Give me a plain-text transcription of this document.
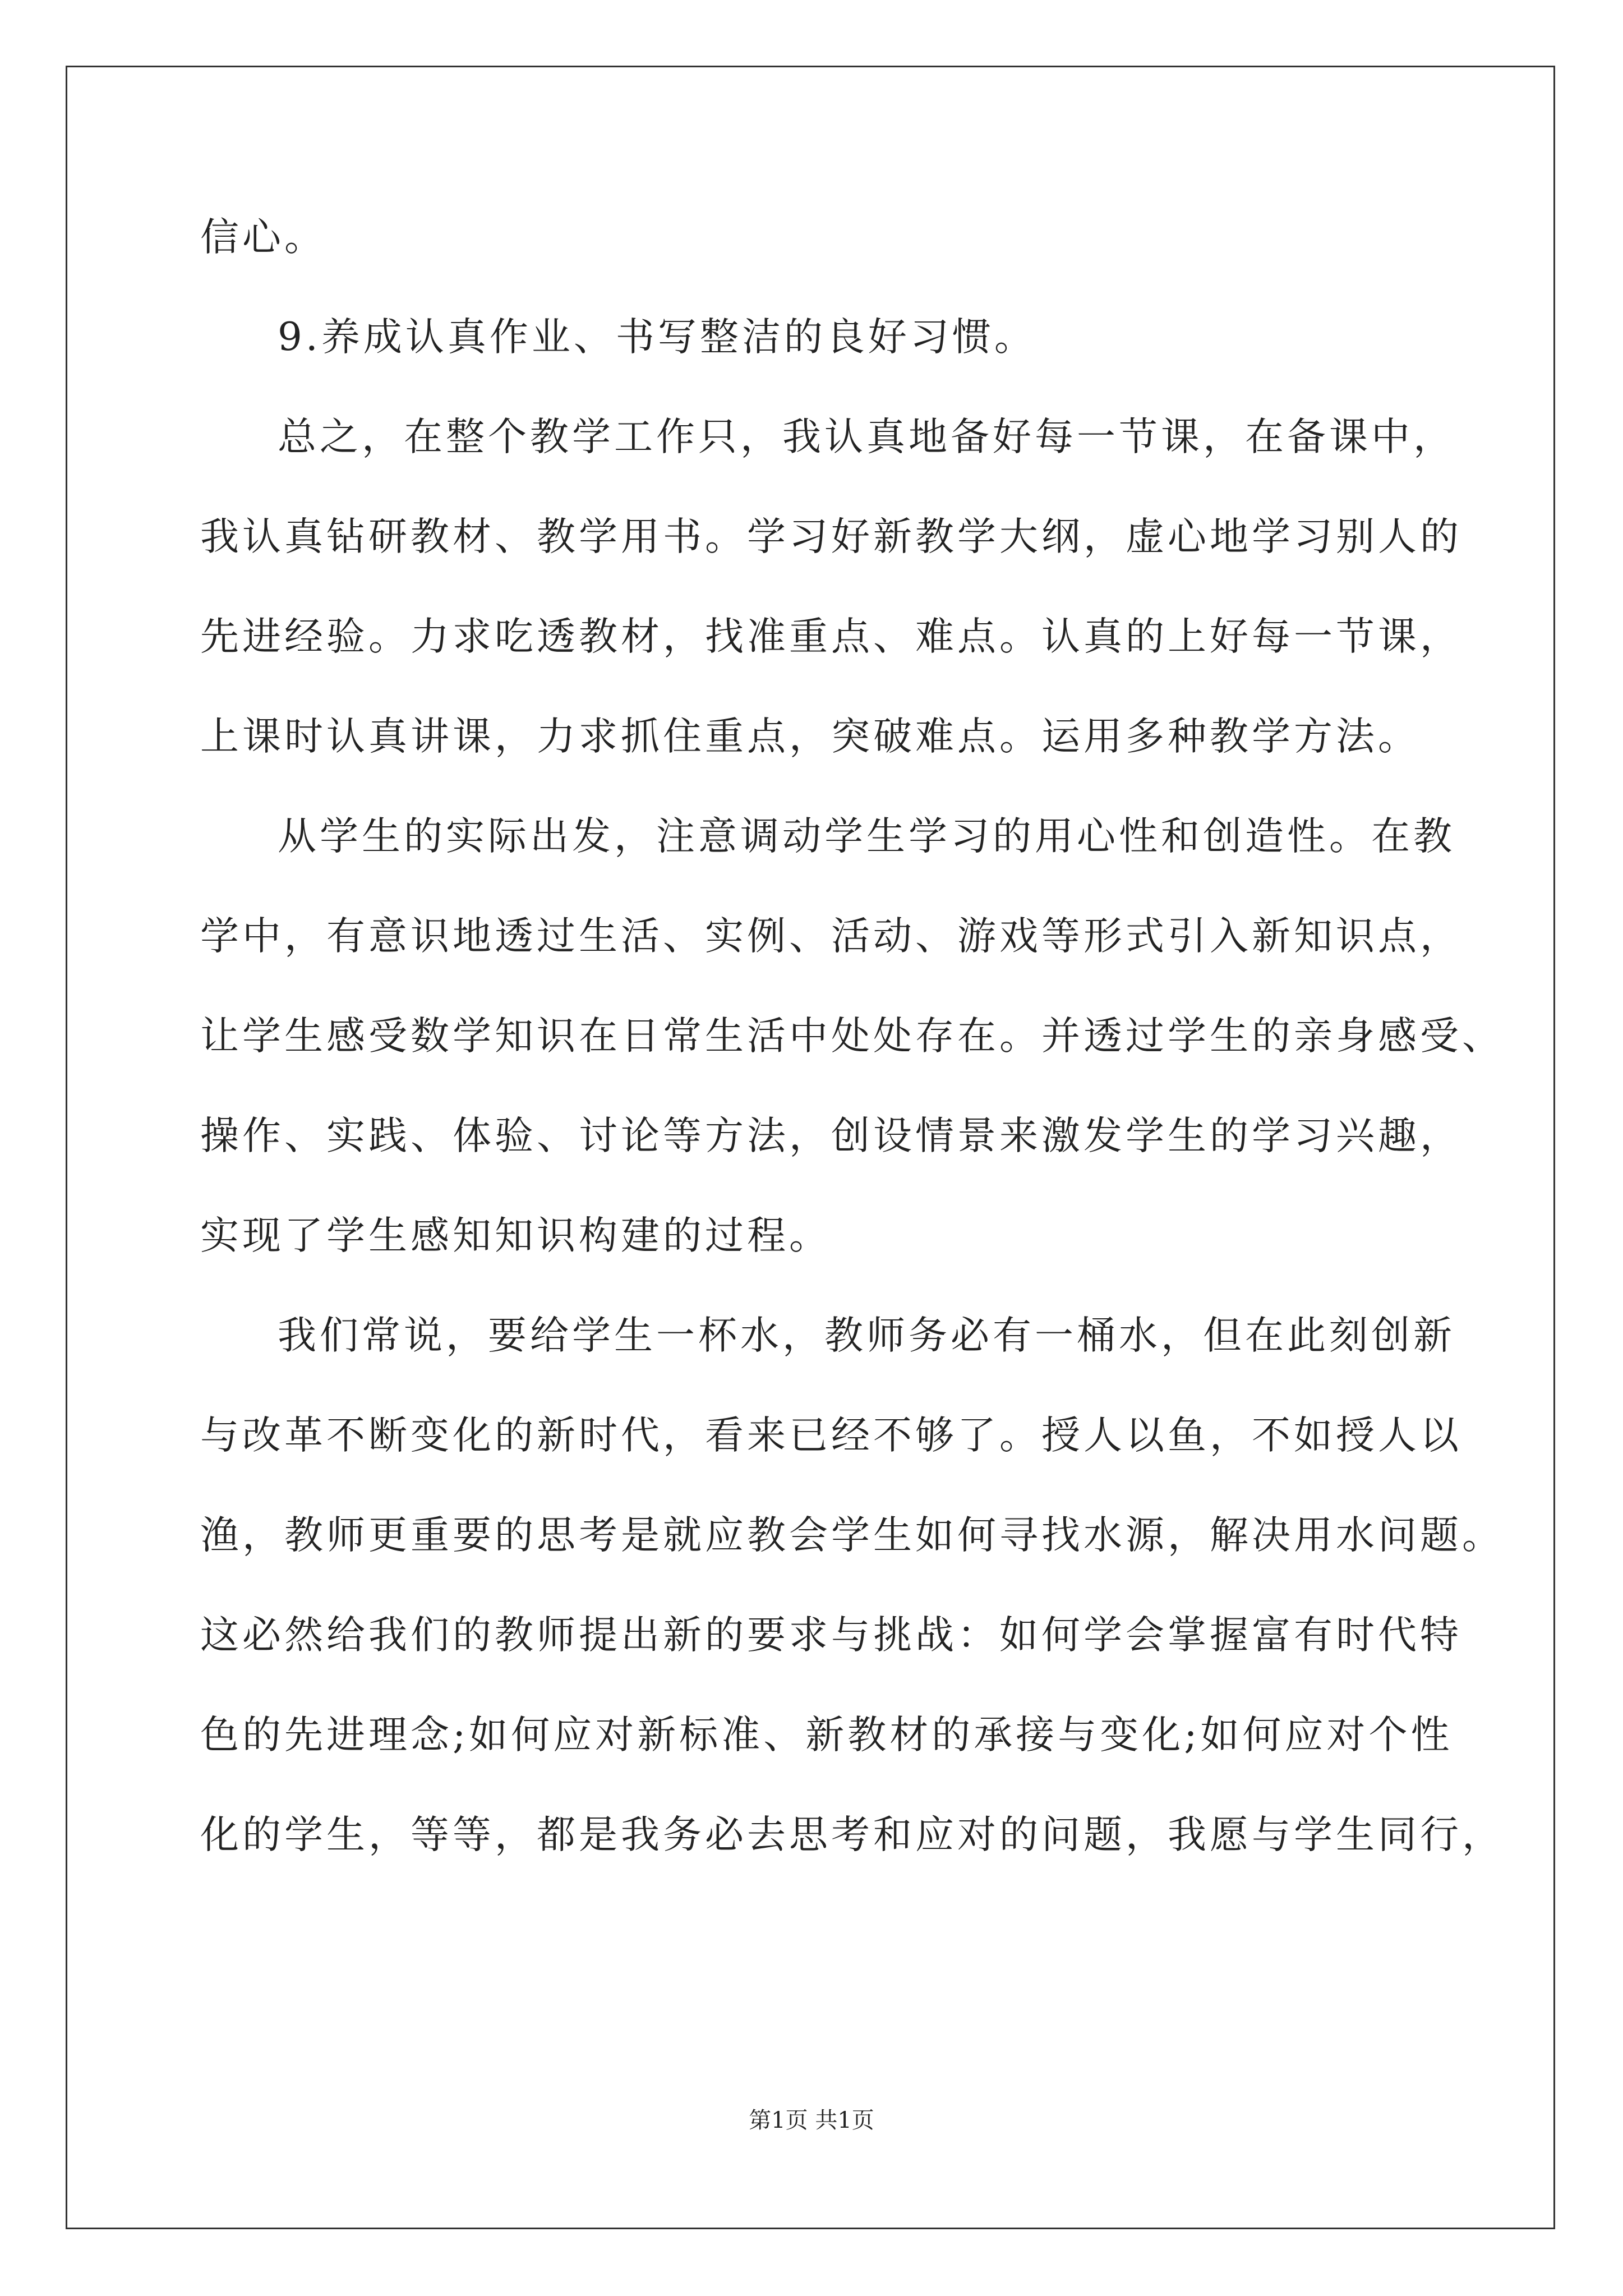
信心。
9.养成认真作业、书写整洁的良好习惯。
总之，在整个教学工作只，我认真地备好每一节课，在备课中，
我认真钻研教材、教学用书。学习好新教学大纲，虚心地学习别人的
先进经验。力求吃透教材，找准重点、难点。认真的上好每一节课，
上课时认真讲课，力求抓住重点，突破难点。运用多种教学方法。
从学生的实际出发，注意调动学生学习的用心性和创造性。在教
学中，有意识地透过生活、实例、活动、游戏等形式引入新知识点，
让学生感受数学知识在日常生活中处处存在。并透过学生的亲身感受、
操作、实践、体验、讨论等方法，创设情景来激发学生的学习兴趣，
实现了学生感知知识构建的过程。
我们常说，要给学生一杯水，教师务必有一桶水，但在此刻创新
与改革不断变化的新时代，看来已经不够了。授人以鱼，不如授人以
渔，教师更重要的思考是就应教会学生如何寻找水源，解决用水问题。
这必然给我们的教师提出新的要求与挑战：如何学会掌握富有时代特
色的先进理念;如何应对新标准、新教材的承接与变化;如何应对个性
化的学生，等等，都是我务必去思考和应对的问题，我愿与学生同行，
第1页 共1页
